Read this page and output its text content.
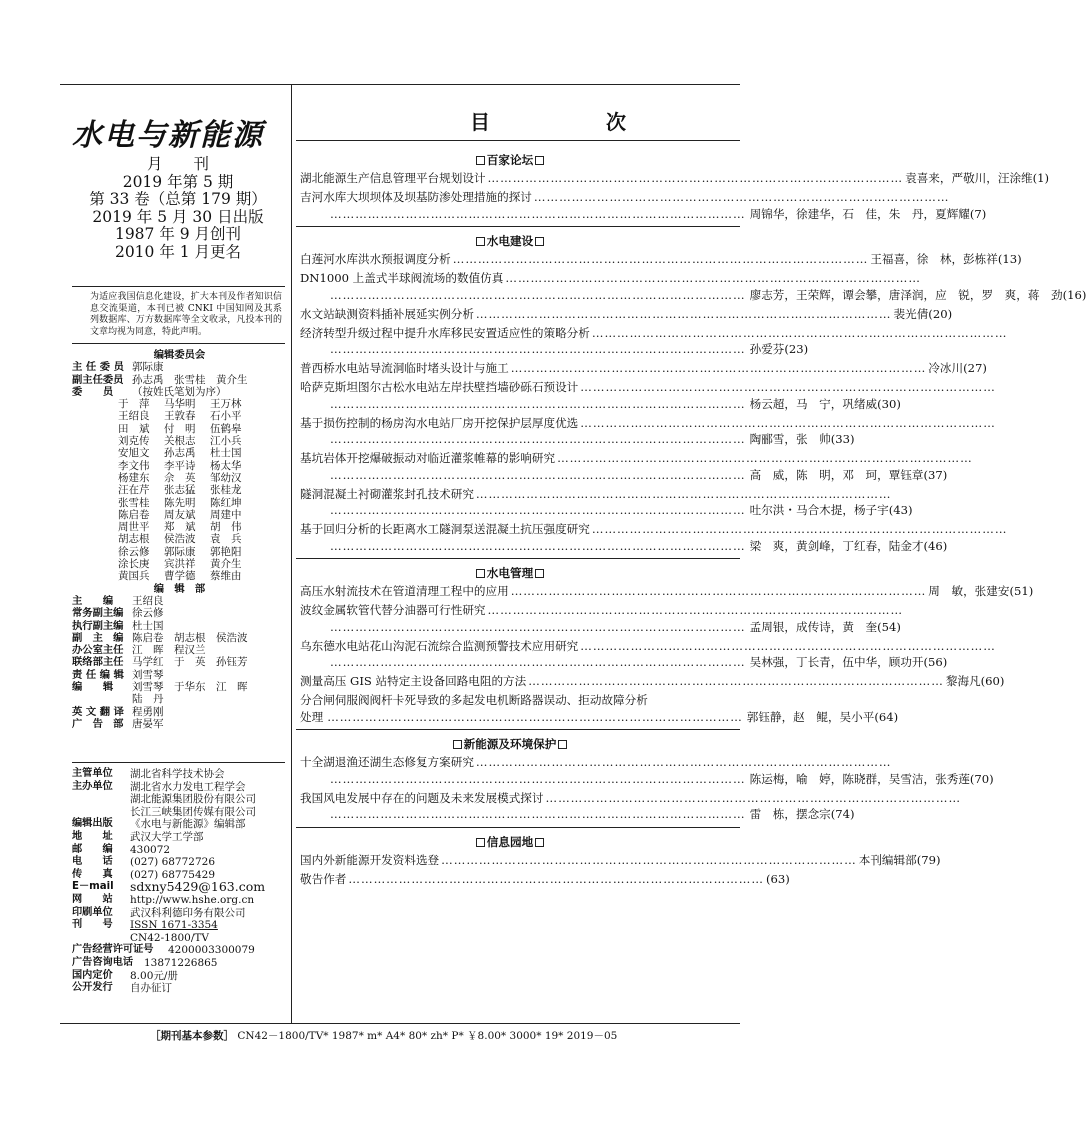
水电与新能源
月　　刊
2019 年第 5 期
第 33 卷（总第 179 期）
2019 年 5 月 30 日出版
1987 年 9 月创刊
2010 年 1 月更名
为适应我国信息化建设，扩大本刊及作者知识信息交流渠道，本刊已被 CNKI 中国知网及其系列数据库、万方数据库等全文收录，凡投本刊的文章均视为同意，特此声明。
编辑委员会
主 任 委 员 郭际康
副主任委员 孙志禹　张雪桂　黄介生
委　　员	（按姓氏笔划为序）
于　萍	马华明	王万林
王绍良	王敦春	石小平
田　斌	付　明	伍鹤皋
刘克传	关根志	江小兵
安旭文	孙志禹	杜士国
李文伟	李平诗	杨太华
杨建东	佘　英	邹幼汉
汪在芹	张志猛	张桂龙
张雪桂	陈先明	陈红坤
陈启卷	周友斌	周建中
周世平	郑　斌	胡　伟
胡志根	侯浩波	袁　兵
徐云修	郭际康	郭艳阳
涂长庚	宾洪祥	黄介生
黄国兵	曹学德	蔡维由
编　辑　部
主　　编	王绍良
常务副主编 徐云修
执行副主编 杜士国
副　主　编 陈启卷　胡志根　侯浩波
办公室主任 江　晖　程汉兰
联络部主任 马学红　于　英　孙钰芳
责 任 编 辑 刘雪琴
编　　辑	刘雪琴　于华东　江　晖
陆　丹
英 文 翻 译 程勇刚
广　告　部 唐晏军
主管单位	湖北省科学技术协会
主办单位	湖北省水力发电工程学会
湖北能源集团股份有限公司
长江三峡集团传媒有限公司
编辑出版	《水电与新能源》编辑部
地　　址	武汉大学工学部
邮　　编	430072
电　　话	(027) 68772726
传　　真	(027) 68775429
E－mail	sdxny5429@163.com
网　　站	http://www.hshe.org.cn
印刷单位	武汉科利德印务有限公司
刊　　号	ISSN 1671-3354
CN42-1800/TV
广告经营许可证号	4200003300079
广告咨询电话	13871226865
国内定价	8.00元/册
公开发行	自办征订
目　次
百家论坛
湖北能源生产信息管理平台规划设计 ……………………………………………………………………………………… 袁喜来，严敬川，汪涂维(1)
吉河水库大坝坝体及坝基防渗处理措施的探讨 ………………………………………………………………………………………
……………………………………………………………………………………… 周锦华，徐建华，石　佳，朱　丹，夏辉耀(7)
水电建设
白莲河水库洪水预报调度分析 ……………………………………………………………………………………… 王福喜，徐　林，彭栋祥(13)
DN1000 上盖式半球阀流场的数值仿真 ………………………………………………………………………………………
……………………………………………………………………………………… 廖志芳，王荣辉，谭会攀，唐泽润，应　锐，罗　爽，蒋　劲(16)
水文站缺测资料插补展延实例分析 ……………………………………………………………………………………… 裴光倩(20)
经济转型升级过程中提升水库移民安置适应性的策略分析 ………………………………………………………………………………………
……………………………………………………………………………………… 孙爱芬(23)
普西桥水电站导流洞临时堵头设计与施工 ……………………………………………………………………………………… 冷冰川(27)
哈萨克斯坦图尔古松水电站左岸扶壁挡墙砂砾石预设计 ………………………………………………………………………………………
……………………………………………………………………………………… 杨云超，马　宁，巩绪威(30)
基于损伤控制的杨房沟水电站厂房开挖保护层厚度优选 ………………………………………………………………………………………
……………………………………………………………………………………… 陶郦雪，张　帅(33)
基坑岩体开挖爆破振动对临近灌浆帷幕的影响研究 ………………………………………………………………………………………
……………………………………………………………………………………… 高　威，陈　明，邓　珂，覃钰章(37)
隧洞混凝土衬砌灌浆封孔技术研究 ………………………………………………………………………………………
……………………………………………………………………………………… 吐尔洪・马合木提，杨子宇(43)
基于回归分析的长距离水工隧洞泵送混凝土抗压强度研究 ………………………………………………………………………………………
……………………………………………………………………………………… 梁　爽，黄剑峰，丁红春，陆金才(46)
水电管理
高压水射流技术在管道清理工程中的应用 ……………………………………………………………………………………… 周　敏，张建安(51)
波纹金属软管代替分油器可行性研究 ………………………………………………………………………………………
……………………………………………………………………………………… 孟周银，成传诗，黄　奎(54)
乌东德水电站花山沟泥石流综合监测预警技术应用研究 ………………………………………………………………………………………
……………………………………………………………………………………… 吴林强，丁长青，伍中华，顾功开(56)
测量高压 GIS 站特定主设备回路电阻的方法 ……………………………………………………………………………………… 黎海凡(60)
分合闸伺服阀阀杆卡死导致的多起发电机断路器误动、拒动故障分析
处理 ……………………………………………………………………………………… 郭钰静，赵　鲲，吴小平(64)
新能源及环境保护
十全湖退渔还湖生态修复方案研究 ………………………………………………………………………………………
……………………………………………………………………………………… 陈运梅，喻　婷，陈晓群，吴雪洁，张秀莲(70)
我国风电发展中存在的问题及未来发展模式探讨 ………………………………………………………………………………………
……………………………………………………………………………………… 雷　栋，摆念宗(74)
信息园地
国内外新能源开发资料选登 ……………………………………………………………………………………… 本刊编辑部(79)
敬告作者 ……………………………………………………………………………………… (63)
［期刊基本参数］ CN42－1800/TV* 1987* m* A4* 80* zh* P* ￥8.00* 3000* 19* 2019－05
